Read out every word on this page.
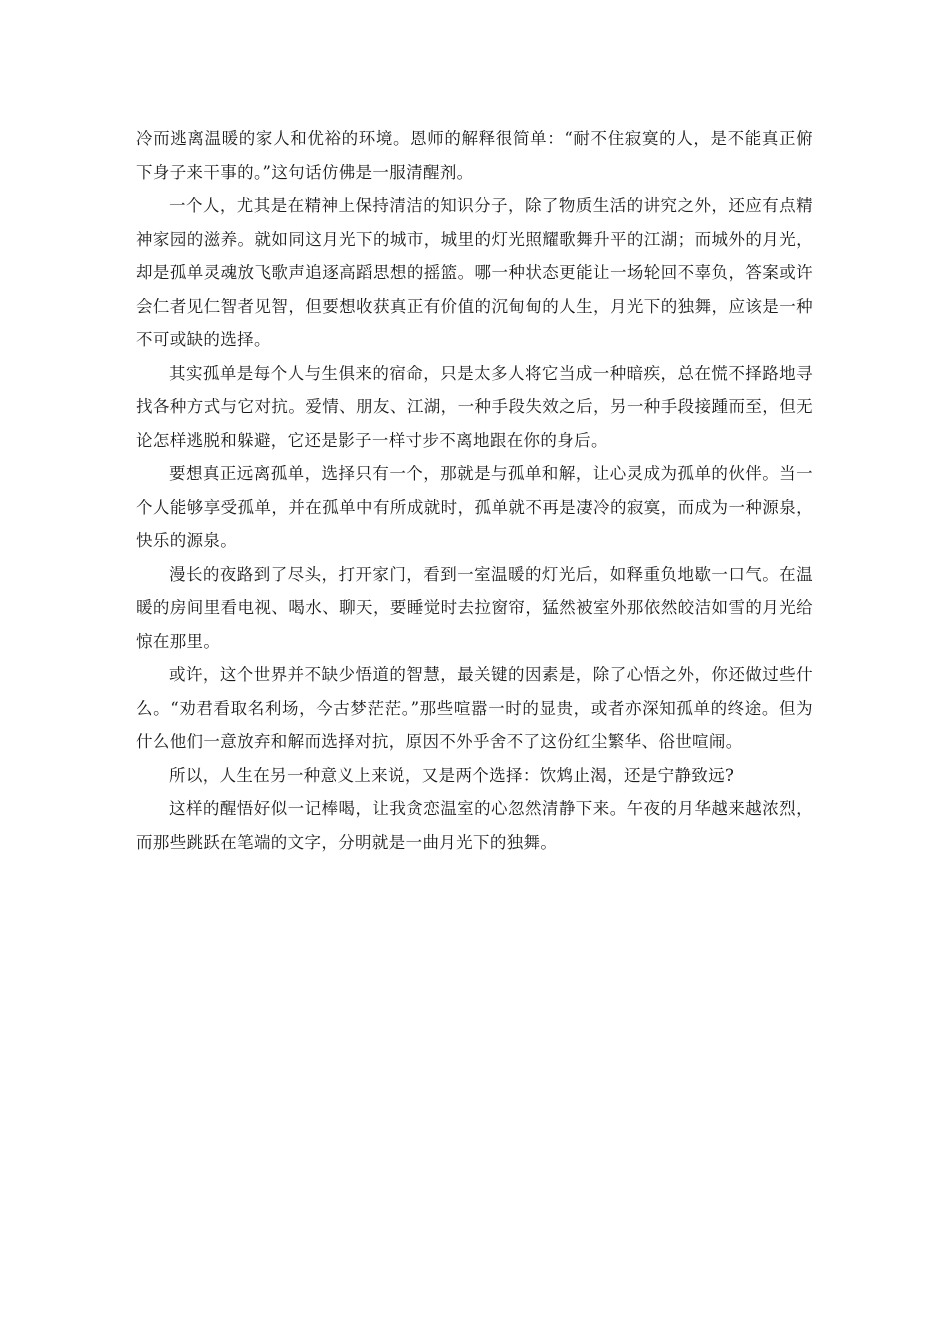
冷而逃离温暖的家人和优裕的环境。恩师的解释很简单：“耐不住寂寞的人，是不能真正俯下身子来干事的。”这句话仿佛是一服清醒剂。

一个人，尤其是在精神上保持清洁的知识分子，除了物质生活的讲究之外，还应有点精神家园的滋养。就如同这月光下的城市，城里的灯光照耀歌舞升平的江湖；而城外的月光，却是孤单灵魂放飞歌声追逐高蹈思想的摇篮。哪一种状态更能让一场轮回不辜负，答案或许会仁者见仁智者见智，但要想收获真正有价值的沉甸甸的人生，月光下的独舞，应该是一种不可或缺的选择。

其实孤单是每个人与生俱来的宿命，只是太多人将它当成一种暗疾，总在慌不择路地寻找各种方式与它对抗。爱情、朋友、江湖，一种手段失效之后，另一种手段接踵而至，但无论怎样逃脱和躲避，它还是影子一样寸步不离地跟在你的身后。

要想真正远离孤单，选择只有一个，那就是与孤单和解，让心灵成为孤单的伙伴。当一个人能够享受孤单，并在孤单中有所成就时，孤单就不再是凄冷的寂寞，而成为一种源泉，快乐的源泉。

漫长的夜路到了尽头，打开家门，看到一室温暖的灯光后，如释重负地歇一口气。在温暖的房间里看电视、喝水、聊天，要睡觉时去拉窗帘，猛然被室外那依然皎洁如雪的月光给惊在那里。

或许，这个世界并不缺少悟道的智慧，最关键的因素是，除了心悟之外，你还做过些什么。“劝君看取名利场，今古梦茫茫。”那些喧嚣一时的显贵，或者亦深知孤单的终途。但为什么他们一意放弃和解而选择对抗，原因不外乎舍不了这份红尘繁华、俗世喧闹。

所以，人生在另一种意义上来说，又是两个选择：饮鸩止渴，还是宁静致远?

这样的醒悟好似一记棒喝，让我贪恋温室的心忽然清静下来。午夜的月华越来越浓烈，而那些跳跃在笔端的文字，分明就是一曲月光下的独舞。
